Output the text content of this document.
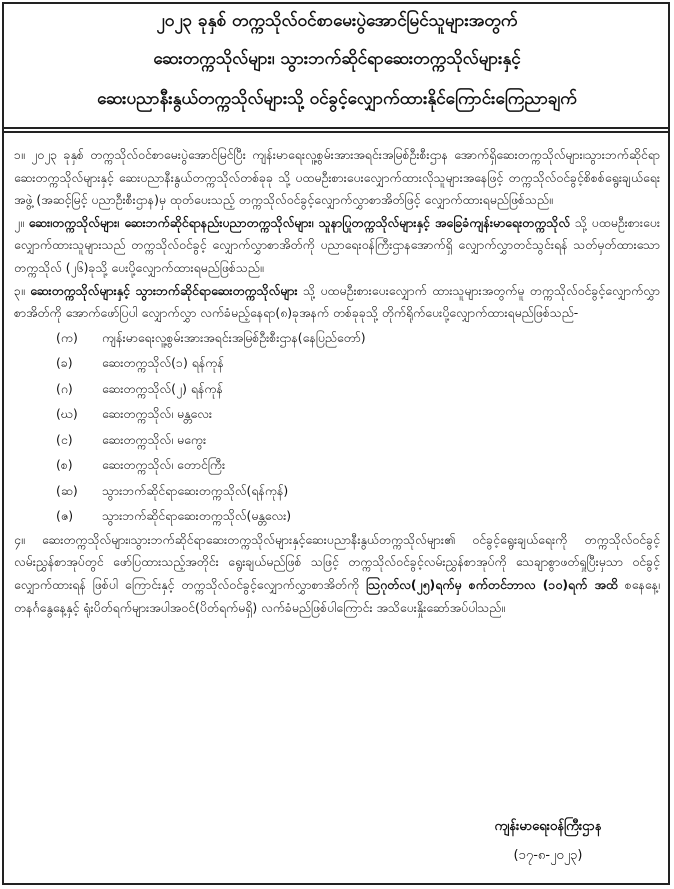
၂၀၂၃ ခုနှစ် တက္ကသိုလ်ဝင်စာမေးပွဲအောင်မြင်သူများအတွက်
ဆေးတက္ကသိုလ်များ၊ သွားဘက်ဆိုင်ရာဆေးတက္ကသိုလ်များနှင့်
ဆေးပညာနီးနွယ်တက္ကသိုလ်များသို့ ဝင်ခွင့်လျှောက်ထားနိုင်ကြောင်းကြေညာချက်
၁။ ၂၀၂၃ ခုနှစ် တက္ကသိုလ်ဝင်စာမေးပွဲအောင်မြင်ပြီး ကျန်းမာရေးလူ့စွမ်းအားအရင်းအမြစ်ဦးစီးဌာန အောက်ရှိဆေးတက္ကသိုလ်များ၊သွားဘက်ဆိုင်ရာဆေးတက္ကသိုလ်များနှင့် ဆေးပညာနီးနွယ်တက္ကသိုလ်တစ်ခုခု သို့ ပထမဦးစားပေးလျှောက်ထားလိုသူများအနေဖြင့် တက္ကသိုလ်ဝင်ခွင့်စိစစ်ရွေးချယ်ရေးအဖွဲ့ (အဆင့်မြင့် ပညာဦးစီးဌာန)မှ ထုတ်ပေးသည့် တက္ကသိုလ်ဝင်ခွင့်လျှောက်လွှာစာအိတ်ဖြင့် လျှောက်ထားရမည်ဖြစ်သည်။
၂။ ဆေး၊တက္ကသိုလ်များ၊ ဆေးဘက်ဆိုင်ရာနည်းပညာတက္ကသိုလ်များ၊ သူနာပြုတက္ကသိုလ်များနှင့် အခြေခံကျန်းမာရေးတက္ကသိုလ် သို့ ပထမဦးစားပေးလျှောက်ထားသူများသည် တက္ကသိုလ်ဝင်ခွင့် လျှောက်လွှာစာအိတ်ကို ပညာရေးဝန်ကြီးဌာနအောက်ရှိ လျှောက်လွှာတင်သွင်းရန် သတ်မှတ်ထားသော တက္ကသိုလ် (၂၆)ခုသို့ ပေးပို့လျှောက်ထားရမည်ဖြစ်သည်။
၃။ ဆေးတက္ကသိုလ်များနှင့် သွားဘက်ဆိုင်ရာဆေးတက္ကသိုလ်များ သို့ ပထမဦးစားပေးလျှောက် ထားသူများအတွက်မူ တက္ကသိုလ်ဝင်ခွင့်လျှောက်လွှာစာအိတ်ကို အောက်ဖော်ပြပါ လျှောက်လွှာ လက်ခံမည့်နေရာ(၈)ခုအနက် တစ်ခုခုသို့ တိုက်ရိုက်ပေးပို့လျှောက်ထားရမည်ဖြစ်သည်-
(က) ကျန်းမာရေးလူ့စွမ်းအားအရင်းအမြစ်ဦးစီးဌာန(နေပြည်တော်)
(ခ) ဆေးတက္ကသိုလ်(၁) ရန်ကုန်
(ဂ) ဆေးတက္ကသိုလ်(၂) ရန်ကုန်
(ဃ) ဆေးတက္ကသိုလ်၊ မန္တလေး
(င) ဆေးတက္ကသိုလ်၊ မကွေး
(စ) ဆေးတက္ကသိုလ်၊ တောင်ကြီး
(ဆ) သွားဘက်ဆိုင်ရာဆေးတက္ကသိုလ်(ရန်ကုန်)
(ဇ) သွားဘက်ဆိုင်ရာဆေးတက္ကသိုလ်(မန္တလေး)
၄။ ဆေးတက္ကသိုလ်များ၊သွားဘက်ဆိုင်ရာဆေးတက္ကသိုလ်များနှင့်ဆေးပညာနီးနွယ်တက္ကသိုလ်များ၏ ဝင်ခွင့်ရွေးချယ်ရေးကို တက္ကသိုလ်ဝင်ခွင့်လမ်းညွှန်စာအုပ်တွင် ဖော်ပြထားသည့်အတိုင်း ရွေးချယ်မည်ဖြစ် သဖြင့် တက္ကသိုလ်ဝင်ခွင့်လမ်းညွှန်စာအုပ်ကို သေချာစွာဖတ်ရှုပြီးမှသာ ဝင်ခွင့်လျှောက်ထားရန် ဖြစ်ပါ ကြောင်းနှင့် တက္ကသိုလ်ဝင်ခွင့်လျှောက်လွှာစာအိတ်ကို ဩဂုတ်လ(၂၅)ရက်မှ စက်တင်ဘာလ (၁၀)ရက် အထိ စနေနေ့၊ တနင်္ဂနွေနေ့နှင့် ရုံးပိတ်ရက်များအပါအဝင်(ပိတ်ရက်မရှိ) လက်ခံမည်ဖြစ်ပါကြောင်း အသိပေးနှိုးဆော်အပ်ပါသည်။
ကျန်းမာရေးဝန်ကြီးဌာန
(၁၇-၈-၂၀၂၃)
